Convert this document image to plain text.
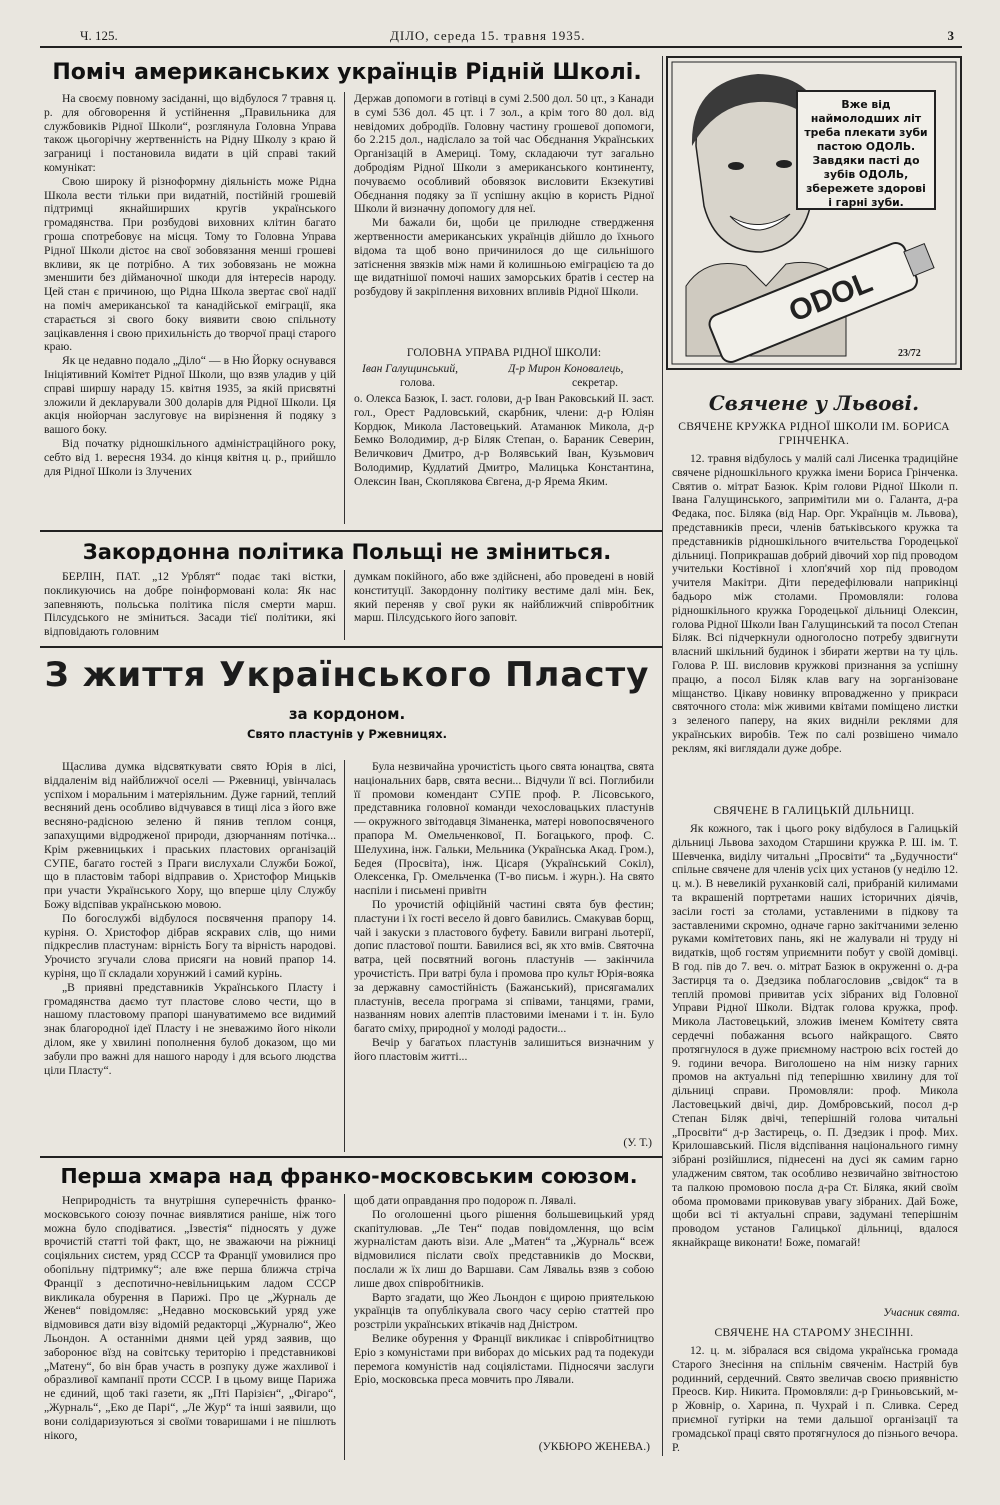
Ч. 125.	ДІЛО, середа 15. травня 1935.	3
Поміч американських українців Рідній Школі.

На своєму повному засіданні, що відбулося 7 травня ц. р. для обговорення й устійнення „Правильника для службовиків Рідної Школи“, розглянула Головна Управа також цьогорічну жертвенність на Рідну Школу з краю й заграниці і постановила видати в цій справі такий комунікат:

Свою широку й різноформну діяльність може Рідна Школа вести тільки при видатній, постійній грошевій підтримці якнайширших кругів українського громадянства. При розбудові виховних клітин багато гроша спотребовує на місця. Тому то Головна Управа Рідної Школи дістоє на свої зобовязання менші грошеві вкливи, як це потрібно. А тих зобовязань не можна зменшити без дійманочної шкоди для інтересів народу. Цей стан є причиною, що Рідна Школа звертає свої надії на поміч американської та канадійської еміграції, яка старається зі свого боку виявити свою спільноту зацікавлення і свою прихильність до творчої праці старого краю.

Як це недавно подало „Діло“ — в Ню Йорку оснувався Ініціятивний Комітет Рідної Школи, що взяв уладив у цій справі ширшу нараду 15. квітня 1935, за якій присвятні зложили й декларували 300 доларів для Рідної Школи. Ця акція нюйорчан заслуговує на вирізнення й подяку з вашого боку.

Від початку рідношкільного адміністраційного року, себто від 1. вересня 1934. до кінця квітня ц. р., прийшло для Рідної Школи із Злучених

Держав допомоги в готівці в сумі 2.500 дол. 50 цт., з Канади в сумі 536 дол. 45 цт. і 7 зол., а крім того 80 дол. від невідомих добродіїв. Головну частину грошевої допомоги, бо 2.215 дол., надіслало за той час Обєднання Українських Організацій в Америці. Тому, складаючи тут загально добродіям Рідної Школи з американського континенту, почуваємо особливий обовязок висловити Екзекутиві Обєднання подяку за її успішну акцію в користь Рідної Школи й визначну допомогу для неї.

Ми бажали би, щоби це прилюдне ствердження жертвенности американських українців дійшло до їхнього відома та щоб воно причинилося до ще сильнішого затіснення звязків між нами й колишньою еміграцією та до ще видатнішої помочі наших заморських братів і сестер на розбудову й закріплення виховних впливів Рідної Школи.

ГОЛОВНА УПРАВА РІДНОЇ ШКОЛИ:
Іван Галущинський,
голова.
Д-р Мирон Коновалець,
секретар.

о. Олекса Базюк, І. заст. голови, д-р Іван Раковський ІІ. заст. гол., Орест Радловський, скарбник, члени: д-р Юліян Кордюк, Микола Ластовецький. Атаманюк Микола, д-р Бемко Володимир, д-р Біляк Степан, о. Бараник Северин, Величкович Дмитро, д-р Волявський Іван, Кузьмович Володимир, Кудлатий Дмитро, Малицька Константина, Олексин Іван, Скоплякова Євгена, д-р Ярема Яким.

ODOL
Вже від наймолодших літ треба плекати зуби пастою ОДОЛЬ. Завдяки пасті до зубів ОДОЛЬ, збережете здорові і гарні зуби.
23/72
Свячене у Львові.
СВЯЧЕНЕ КРУЖКА РІДНОЇ ШКОЛИ ІМ. БОРИСА ГРІНЧЕНКА.

12. травня відбулось у малій салі Лисенка традиційне свячене рідношкільного кружка імени Бориса Грінченка. Святив о. мітрат Базюк. Крім голови Рідної Школи п. Івана Галущинського, запримітили ми о. Галанта, д-ра Федака, пос. Біляка (від Нар. Орг. Українців м. Львова), представників преси, членів батьківського кружка та представників рідношкільного вчительства Городецької дільниці. Поприкрашав добрий дівочий хор під проводом учительки Костівної і хлоп'ячий хор під проводом учителя Макітри. Діти передефілювали наприкінці бадьоро між столами. Промовляли: голова рідношкільного кружка Городецької дільниці Олексин, голова Рідної Школи Іван Галущинський та посол Степан Біляк. Всі підчеркнули одноголосно потребу здвигнути власний шкільний будинок і збирати жертви на ту ціль. Голова Р. Ш. висловив кружкові признання за успішну працю, а посол Біляк клав вагу на зорганізоване міщанство. Цікаву новинку впровадженно у прикраси святочного стола: між живими квітами поміщено листки з зеленого паперу, на яких видніли реклями для українських виробів. Теж по салі розвішено чимало реклям, які виглядали дуже добре.

СВЯЧЕНЕ В ГАЛИЦЬКІЙ ДІЛЬНИЦІ.

Як кожного, так і цього року відбулося в Галицькій дільниці Львова заходом Старшини кружка Р. Ш. ім. Т. Шевченка, виділу читальні „Просвіти“ та „Будучности“ спільне свячене для членів усіх цих установ (у неділю 12. ц. м.). В невеликій руханковій салі, прибраній килимами та вкрашеній портретами наших історичних діячів, засіли гості за столами, уставленими в підкову та заставленими скромно, одначе гарно закітчаними зеленю руками комітетових пань, які не жалували ні труду ні видатків, щоб гостям уприємнити побут у своїй домівці. В год. пів до 7. веч. о. мітрат Базюк в окруженні о. д-ра Застирця та о. Дзедзика поблагословив „свідок“ та в теплій промові привитав усіх зібраних від Головної Управи Рідної Школи. Відтак голова кружка, проф. Микола Ластовецький, зложив іменем Комітету свята сердечні побажання всього найкращого. Свято протягнулося в дуже приємному настрою всіх гостей до 9. години вечора. Виголошено на нім низку гарних промов на актуальні під теперішню хвилину для тої дільниці справи. Промовляли: проф. Микола Ластовецький двічі, дир. Домбровський, посол д-р Степан Біляк двічі, теперішній голова читальні „Просвіти“ д-р Застирець, о. П. Дзедзик і проф. Мих. Крилошавський. Після відспівання національного гимну зібрані розійшлися, піднесені на дусі як самим гарно уладженим святом, так особливо незвичайно звітностою та палкою промовою посла д-ра Ст. Біляка, який своїм обома промовами приковував увагу зібраних. Дай Боже, щоби всі ті актуальні справи, задумані теперішнім проводом установ Галицької дільниці, вдалося якнайкраще виконати! Боже, помагай!

Учасник свята.
СВЯЧЕНЕ НА СТАРОМУ ЗНЕСІННІ.

12. ц. м. зібралася вся свідома українська громада Старого Знесіння на спільнім свяченім. Настрій був родинний, сердечний. Свято звеличав своєю приявністю Преосв. Кир. Никита. Промовляли: д-р Гриньовський, м-р Жовнір, о. Харина, п. Чухрай і п. Сливка. Серед приємної гутірки на теми дальшої організації та громадської праці свято протягнулося до пізнього вечора. Р.

Закордонна політика Польщі не зміниться.

БЕРЛІН, ПАТ. „12 Урблят“ подає такі вістки, покликуючись на добре поінформовані кола: Як нас запевняють, польська політика після смерти марш. Пілсудського не зміниться. Засади тієї політики, які відповідають головним

думкам покійного, або вже здійснені, або проведені в новій конституції. Закордонну політику вестиме далі мін. Бек, який переняв у свої руки як найближчий співробітник марш. Пілсудського його заповіт.

З життя Українського Пласту
за кордоном.
Свято пластунів у Ржевницях.

Щаслива думка відсвяткувати свято Юрія в лісі, віддаленім від найближчої оселі — Ржевниці, увінчалась успіхом і моральним і матеріяльним. Дуже гарний, теплий весняний день особливо відчувався в тищі ліса з його вже весняно-радісною зеленю й пянив теплом сонця, запахущими відродженої природи, дзюрчанням потічка... Крім ржевницьких і праських пластових організацій СУПЕ, багато гостей з Праги вислухали Служби Божої, що в пластовім таборі відправив о. Христофор Мицьків при участи Українського Хору, що вперше цілу Службу Божу відспівав українською мовою.

По богослужбі відбулося посвячення прапору 14. куріня. О. Христофор дібрав яскравих слів, що ними підкреслив пластунам: вірність Богу та вірність народові. Урочисто згучали слова присяги на новий прапор 14. куріня, що її складали хорунжий і самий курінь.

„В приявні представників Українського Пласту і громадянства даємо тут пластове слово чести, що в нашому пластовому прапорі шануватимемо все видимий знак благородної ідеї Пласту і не зневажимо його ніколи ділом, яке у хвилині пополнення булоб доказом, що ми забули про важні для нашого народу і для всього людства ціли Пласту“.

Була незвичайна урочистість цього свята юнацтва, свята національних барв, свята весни... Відчули її всі. Поглибили її промови комендант СУПЕ проф. Р. Лісовського, представника головної команди чехословацьких пластунів — окружного звітодавця Зіманенка, матері новопосвяченого прапора М. Омельченкової, П. Богацького, проф. С. Шелухина, інж. Гальки, Мельника (Українська Акад. Гром.), Бедея (Просвіта), інж. Цісаря (Український Сокіл), Олексенка, Гр. Омельченка (Т-во письм. і журн.). На свято наспіли і письмені привітн

По урочистій офіційній частині свята був фестин; пластуни і їх гості весело й довго бавились. Смакував борщ, чай і закуски з пластового буфету. Бавили виграні льотерії, допис пластової пошти. Бавилися всі, як хто вмів. Святочна ватра, цей посвятний вогонь пластунів — закінчила урочистість. При ватрі була і промова про культ Юрія-вояка за державну самостійність (Бажанський), присягамалих пластунів, весела програма зі співами, танцями, грами, названням нових алептів пластовими іменами і т. ін. Було багато сміху, природної у молоді радости...

Вечір у багатьох пластунів залишиться визначним у його пластовім житті...

(У. Т.)
Перша хмара над франко-московським союзом.

Неприродність та внутрішня суперечність франко-московського союзу почнає виявлятися раніше, ніж того можна було сподіватися. „Ізвестія“ підносять у дуже врочистій статті той факт, що, не зважаючи на ріжниці соціяльних систем, уряд СССР та Франції умовилися про обопільну підтримку“; але вже перша ближча стріча Франції з деспотично-невільницьким ладом СССР викликала обурення в Парижі. Про це „Журналь де Женев“ повідомляє: „Недавно московський уряд уже відмовився дати візу відомій редакторці „Журналю“, Жео Льондон. А останніми днями цей уряд заявив, що заборонює вїзд на совітську територію і представникові „Матену“, бо він брав участь в розпуку дуже жахливої і образливої кампанії проти СССР. І в цьому вище Парижа не єдиний, щоб такі газети, як „Пті Парізієн“, „Фігаро“, „Журналь“, „Еко де Парі“, „Ле Жур“ та інші заявили, що вони солідаризуються зі своїми товаришами і не пішлють нікого,

щоб дати оправдання про подорож п. Лявалі.

По оголошенні цього рішення большевицький уряд скапітулював. „Ле Тен“ подав повідомлення, що всім журналістам дають візи. Але „Матен“ та „Журналь“ всеж відмовилися післати своїх представників до Москви, послали ж їх лиш до Варшави. Сам Лявальь взяв з собою лише двох співробітників.

Варто згадати, що Жео Льондон є щирою приятелькою українців та опублікувала свого часу серію статтей про розстріли українських втікачів над Дністром.

Велике обурення у Франції викликає і співробітництво Еріо з комуністами при виборах до міських рад та подекуди перемога комуністів над соціялістами. Підносячи заслуги Еріо, московська преса мовчить про Лявали.

(УКБЮРО ЖЕНЕВА.)
